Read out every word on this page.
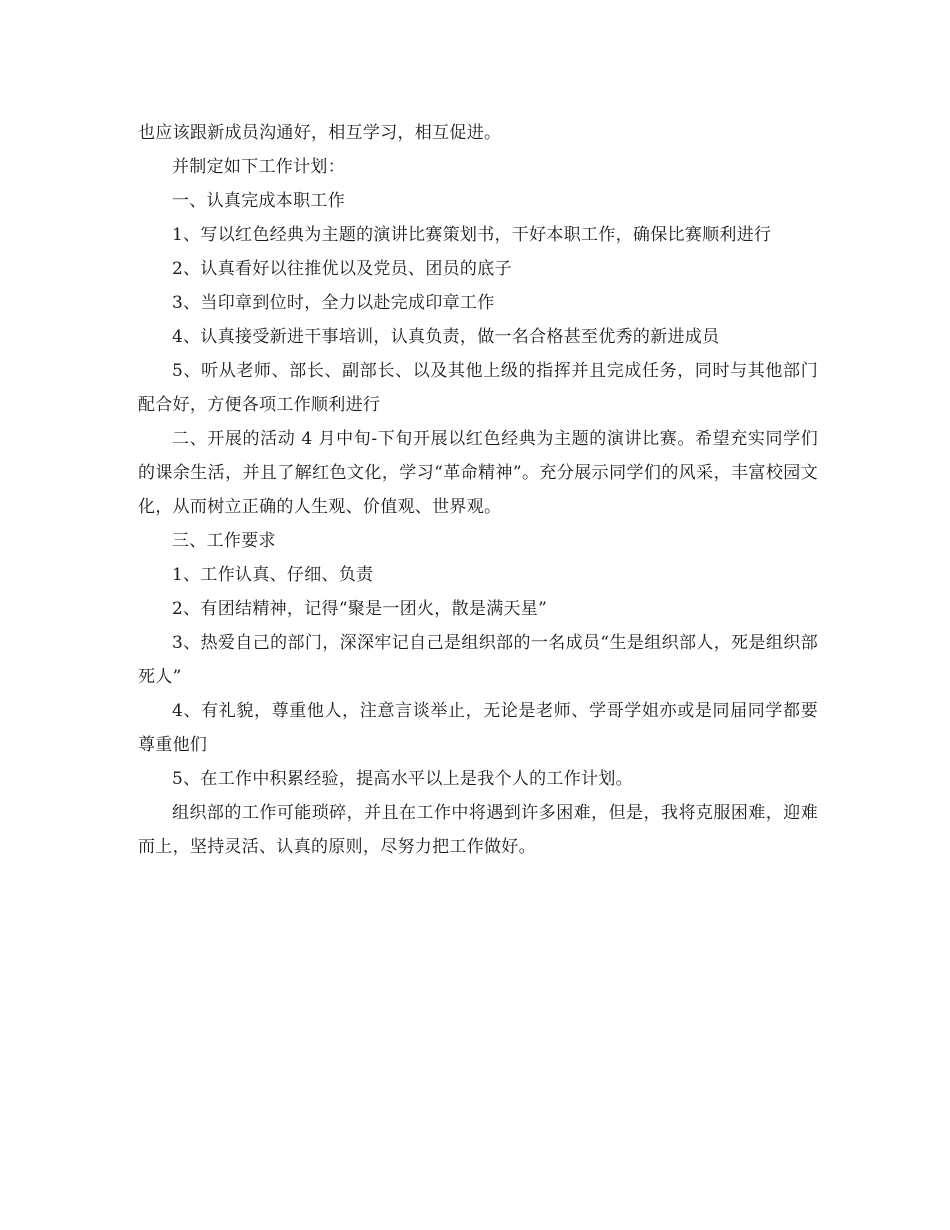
也应该跟新成员沟通好，相互学习，相互促进。

并制定如下工作计划：

一、认真完成本职工作

1、写以红色经典为主题的演讲比赛策划书，干好本职工作，确保比赛顺利进行

2、认真看好以往推优以及党员、团员的底子

3、当印章到位时，全力以赴完成印章工作

4、认真接受新进干事培训，认真负责，做一名合格甚至优秀的新进成员

5、听从老师、部长、副部长、以及其他上级的指挥并且完成任务，同时与其他部门配合好，方便各项工作顺利进行

二、开展的活动 4 月中旬-下旬开展以红色经典为主题的演讲比赛。希望充实同学们的课余生活，并且了解红色文化，学习“革命精神”。充分展示同学们的风采，丰富校园文化，从而树立正确的人生观、价值观、世界观。

三、工作要求

1、工作认真、仔细、负责

2、有团结精神，记得“聚是一团火，散是满天星”

3、热爱自己的部门，深深牢记自己是组织部的一名成员“生是组织部人，死是组织部死人”

4、有礼貌，尊重他人，注意言谈举止，无论是老师、学哥学姐亦或是同届同学都要尊重他们

5、在工作中积累经验，提高水平以上是我个人的工作计划。

组织部的工作可能琐碎，并且在工作中将遇到许多困难，但是，我将克服困难，迎难而上，坚持灵活、认真的原则，尽努力把工作做好。
